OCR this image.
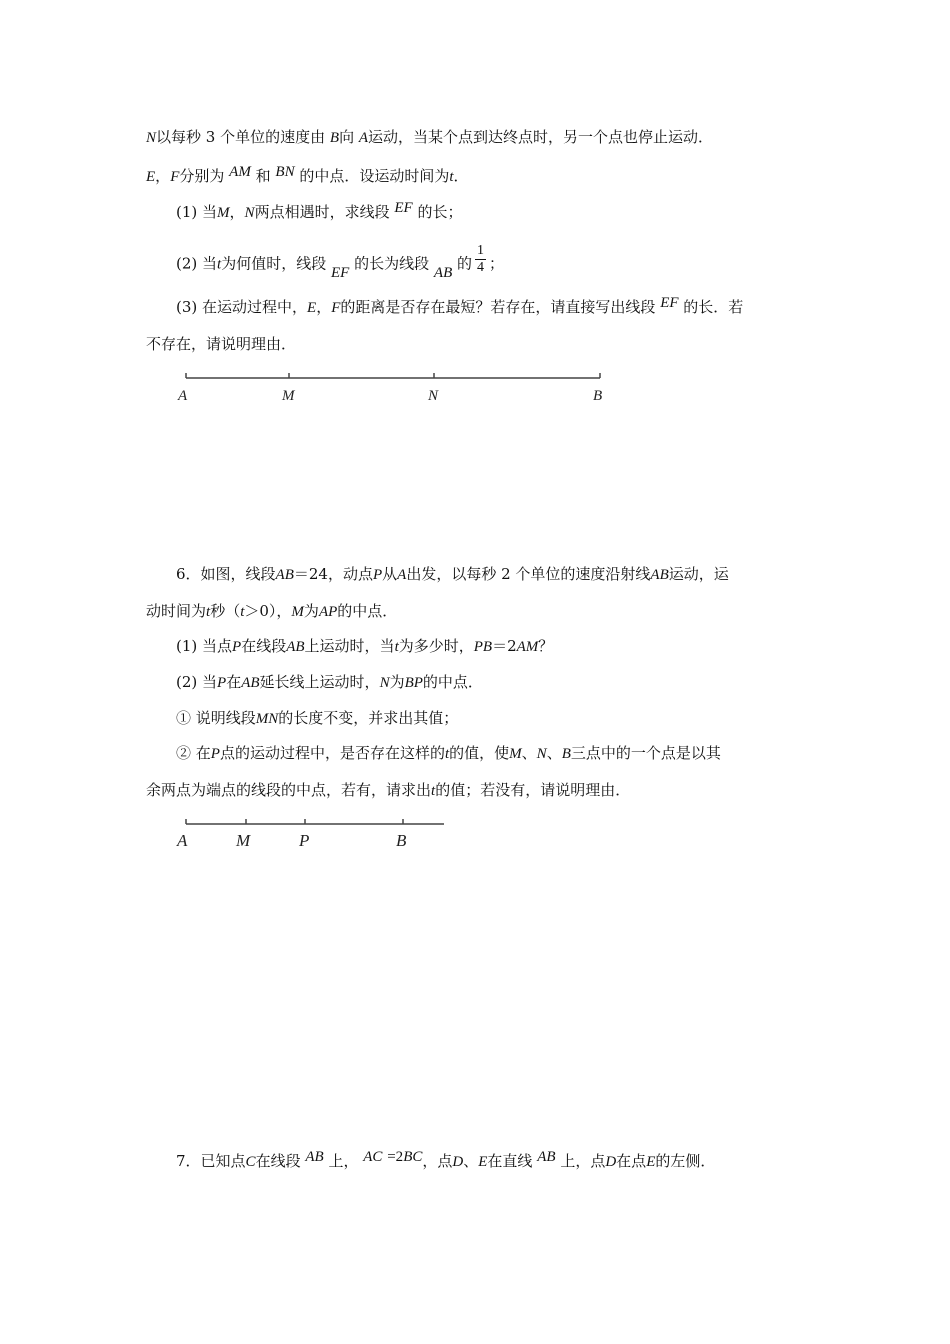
N以每秒 3 个单位的速度由 B向 A运动，当某个点到达终点时，另一个点也停止运动．
E，F分别为 AM 和 BN 的中点．设运动时间为t．
(1) 当M，N两点相遇时，求线段 EF 的长；
(2) 当t为何值时，线段 EF 的长为线段 AB 的 $\frac{1}{4}$ ；
(3) 在运动过程中，E，F的距离是否存在最短？若存在，请直接写出线段 EF 的长．若
不存在，请说明理由．
A	M	N	B
6．如图，线段AB＝24，动点P从A出发，以每秒 2 个单位的速度沿射线AB运动，运
动时间为t秒（t＞0），M为AP的中点．
(1) 当点P在线段AB上运动时，当t为多少时，PB＝2AM？
(2) 当P在AB延长线上运动时，N为BP的中点．
① 说明线段MN的长度不变，并求出其值；
② 在P点的运动过程中，是否存在这样的t的值，使M、N、B三点中的一个点是以其
余两点为端点的线段的中点，若有，请求出t的值；若没有，请说明理由．
A	M	P	B
7．已知点C在线段 AB 上， AC =2BC，点D、E在直线 AB 上，点D在点E的左侧．
